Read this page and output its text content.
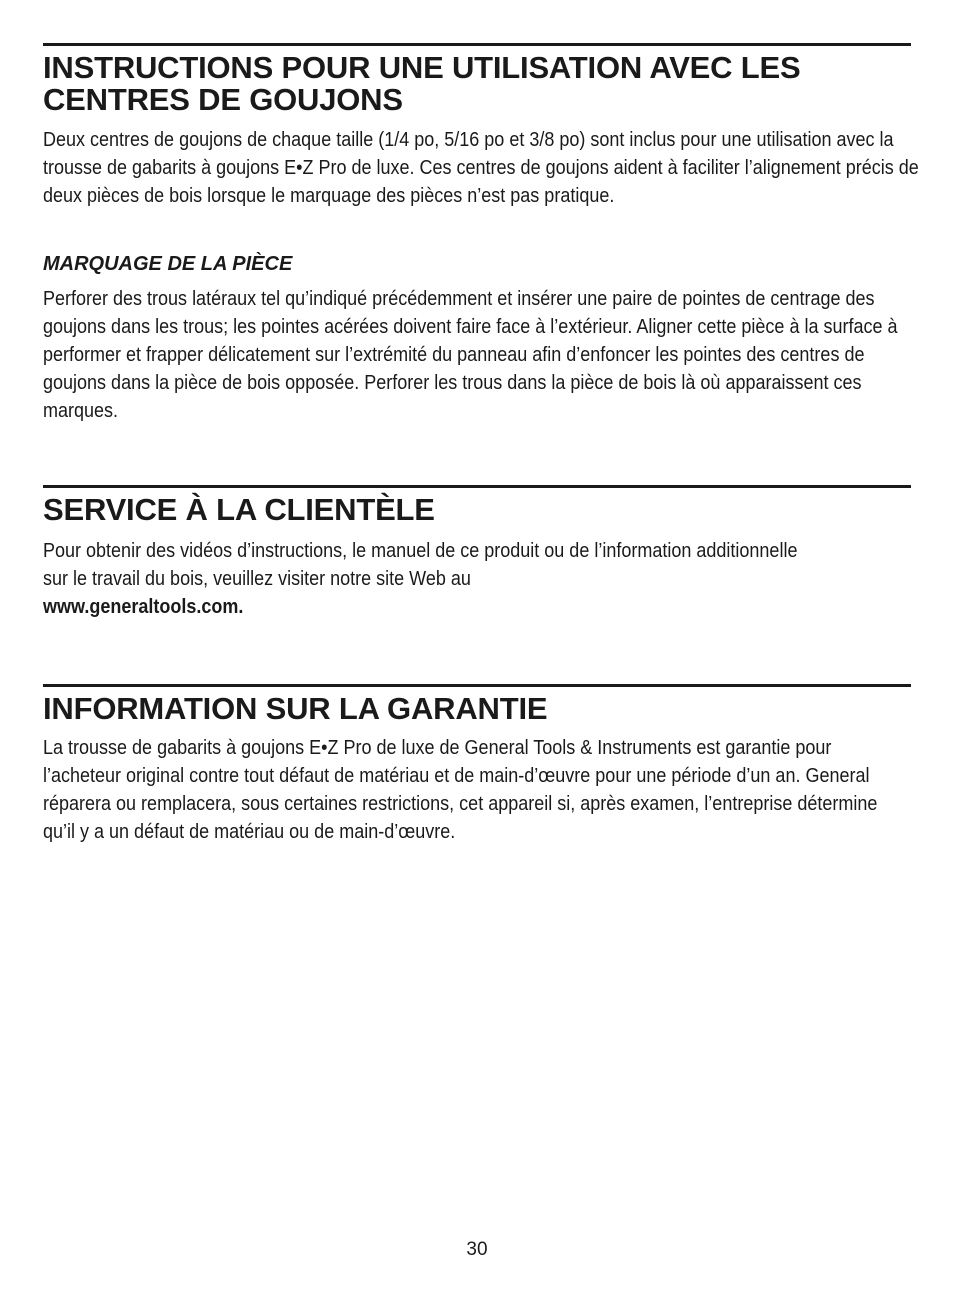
INSTRUCTIONS POUR UNE UTILISATION AVEC LES CENTRES DE GOUJONS

Deux centres de goujons de chaque taille (1/4 po, 5/16 po et 3/8 po) sont inclus pour une utilisation avec la trousse de gabarits à goujons E•Z Pro de luxe. Ces centres de goujons aident à faciliter l’alignement précis de deux pièces de bois lorsque le marquage des pièces n’est pas pratique.

MARQUAGE DE LA PIÈCE

Perforer des trous latéraux tel qu’indiqué précédemment et insérer une paire de pointes de centrage des goujons dans les trous; les pointes acérées doivent faire face à l’extérieur. Aligner cette pièce à la surface à performer et frapper délicatement sur l’extrémité du panneau afin d’enfoncer les pointes des centres de goujons dans la pièce de bois opposée. Perforer les trous dans la pièce de bois là où apparaissent ces marques.

SERVICE À LA CLIENTÈLE

Pour obtenir des vidéos d’instructions, le manuel de ce produit ou de l’information additionnelle sur le travail du bois, veuillez visiter notre site Web au
www.generaltools.com.

INFORMATION SUR LA GARANTIE

La trousse de gabarits à goujons E•Z Pro de luxe de General Tools & Instruments est garantie pour l’acheteur original contre tout défaut de matériau et de main-d’œuvre pour une période d’un an. General réparera ou remplacera, sous certaines restrictions, cet appareil si, après examen, l’entreprise détermine qu’il y a un défaut de matériau ou de main-d’œuvre.

30
